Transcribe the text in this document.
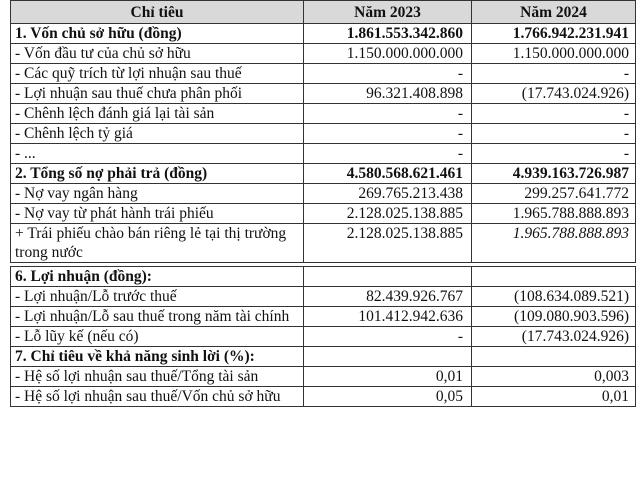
Chỉ tiêu	Năm 2023	Năm 2024
1. Vốn chủ sở hữu (đồng)	1.861.553.342.860	1.766.942.231.941
- Vốn đầu tư của chủ sở hữu	1.150.000.000.000	1.150.000.000.000
- Các quỹ trích từ lợi nhuận sau thuế	-	-
- Lợi nhuận sau thuế chưa phân phối	96.321.408.898	(17.743.024.926)
- Chênh lệch đánh giá lại tài sản	-	-
- Chênh lệch tỷ giá	-	-
- ...	-	-
2. Tổng số nợ phải trả (đồng)	4.580.568.621.461	4.939.163.726.987
- Nợ vay ngân hàng	269.765.213.438	299.257.641.772
- Nợ vay từ phát hành trái phiếu	2.128.025.138.885	1.965.788.888.893
+ Trái phiếu chào bán riêng lẻ tại thị trường trong nước	2.128.025.138.885	1.965.788.888.893
6. Lợi nhuận (đồng):		
- Lợi nhuận/Lỗ trước thuế	82.439.926.767	(108.634.089.521)
- Lợi nhuận/Lỗ sau thuế trong năm tài chính	101.412.942.636	(109.080.903.596)
- Lỗ lũy kế (nếu có)	-	(17.743.024.926)
7. Chỉ tiêu về khả năng sinh lời (%):		
- Hệ số lợi nhuận sau thuế/Tổng tài sản	0,01	0,003
- Hệ số lợi nhuận sau thuế/Vốn chủ sở hữu	0,05	0,01
